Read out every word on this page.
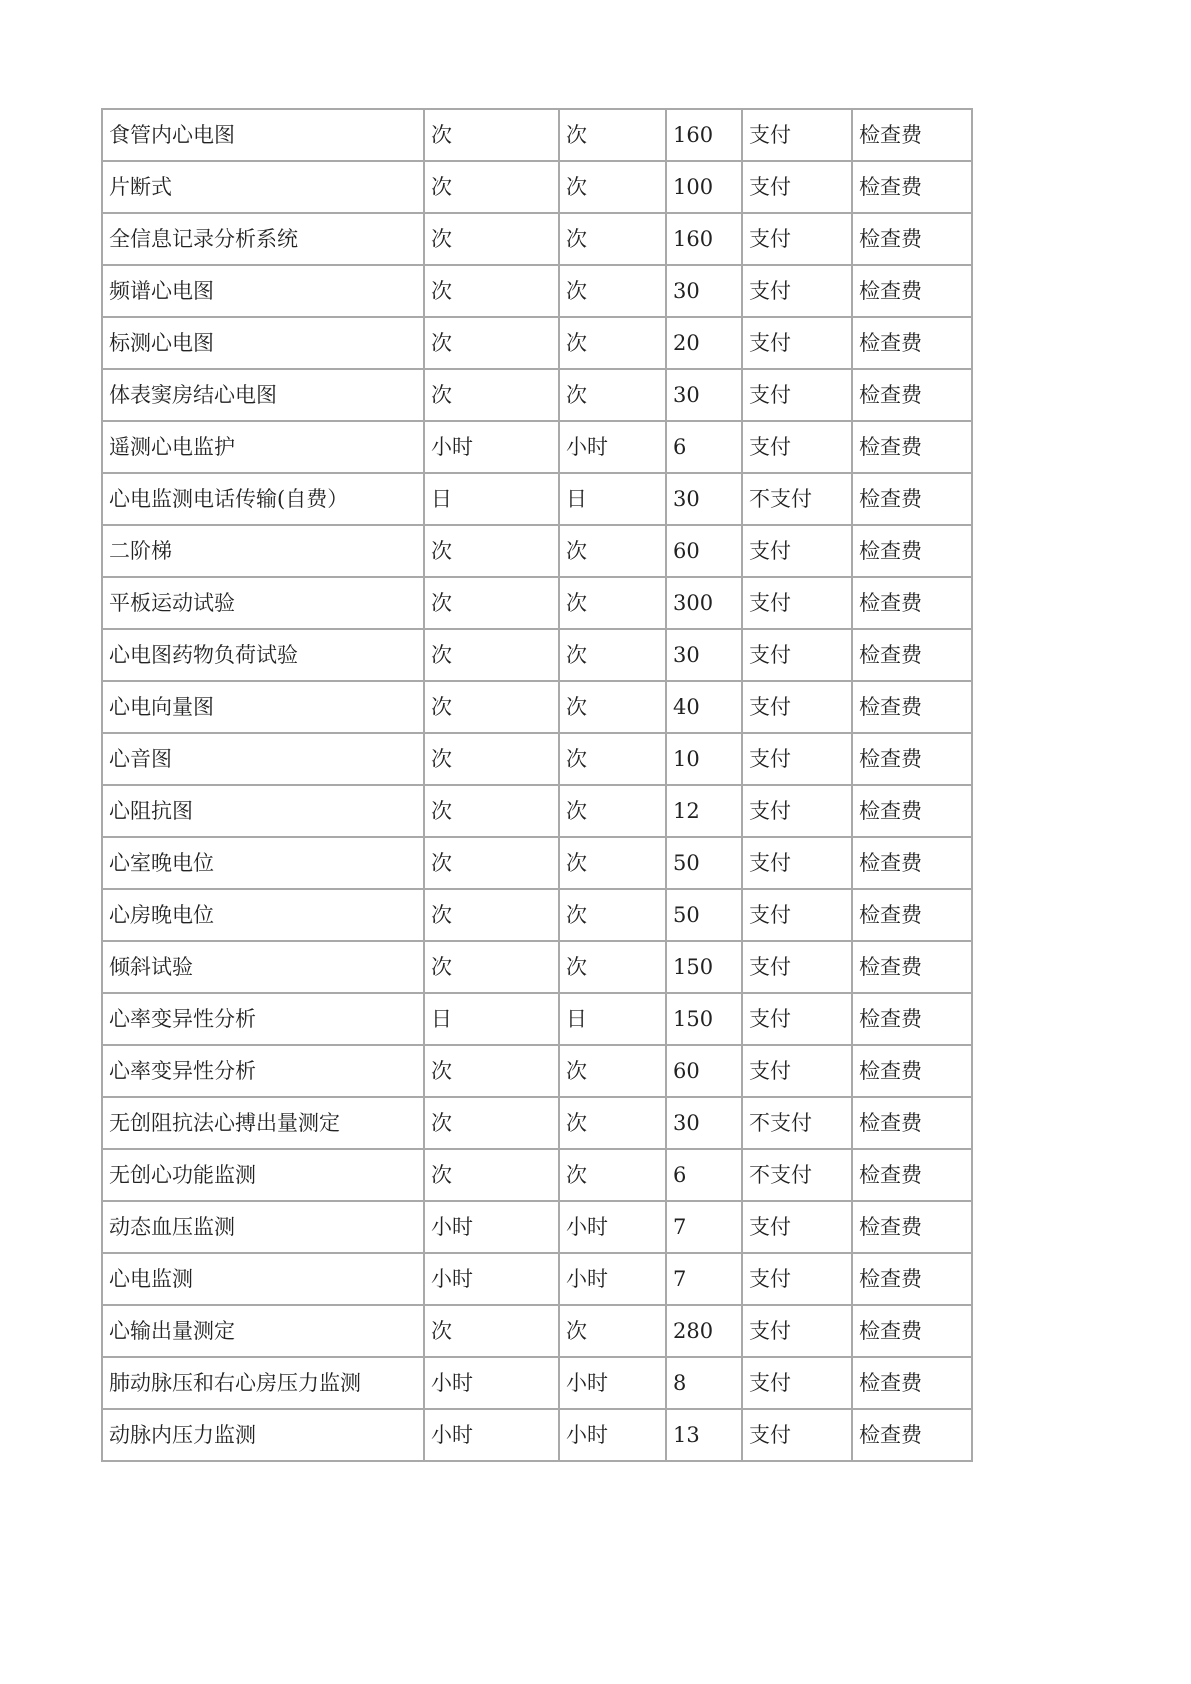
食管内心电图	次	次	160	支付	检查费
片断式	次	次	100	支付	检查费
全信息记录分析系统	次	次	160	支付	检查费
频谱心电图	次	次	30	支付	检查费
标测心电图	次	次	20	支付	检查费
体表窦房结心电图	次	次	30	支付	检查费
遥测心电监护	小时	小时	6	支付	检查费
心电监测电话传输(自费）	日	日	30	不支付	检查费
二阶梯	次	次	60	支付	检查费
平板运动试验	次	次	300	支付	检查费
心电图药物负荷试验	次	次	30	支付	检查费
心电向量图	次	次	40	支付	检查费
心音图	次	次	10	支付	检查费
心阻抗图	次	次	12	支付	检查费
心室晚电位	次	次	50	支付	检查费
心房晚电位	次	次	50	支付	检查费
倾斜试验	次	次	150	支付	检查费
心率变异性分析	日	日	150	支付	检查费
心率变异性分析	次	次	60	支付	检查费
无创阻抗法心搏出量测定	次	次	30	不支付	检查费
无创心功能监测	次	次	6	不支付	检查费
动态血压监测	小时	小时	7	支付	检查费
心电监测	小时	小时	7	支付	检查费
心输出量测定	次	次	280	支付	检查费
肺动脉压和右心房压力监测	小时	小时	8	支付	检查费
动脉内压力监测	小时	小时	13	支付	检查费
